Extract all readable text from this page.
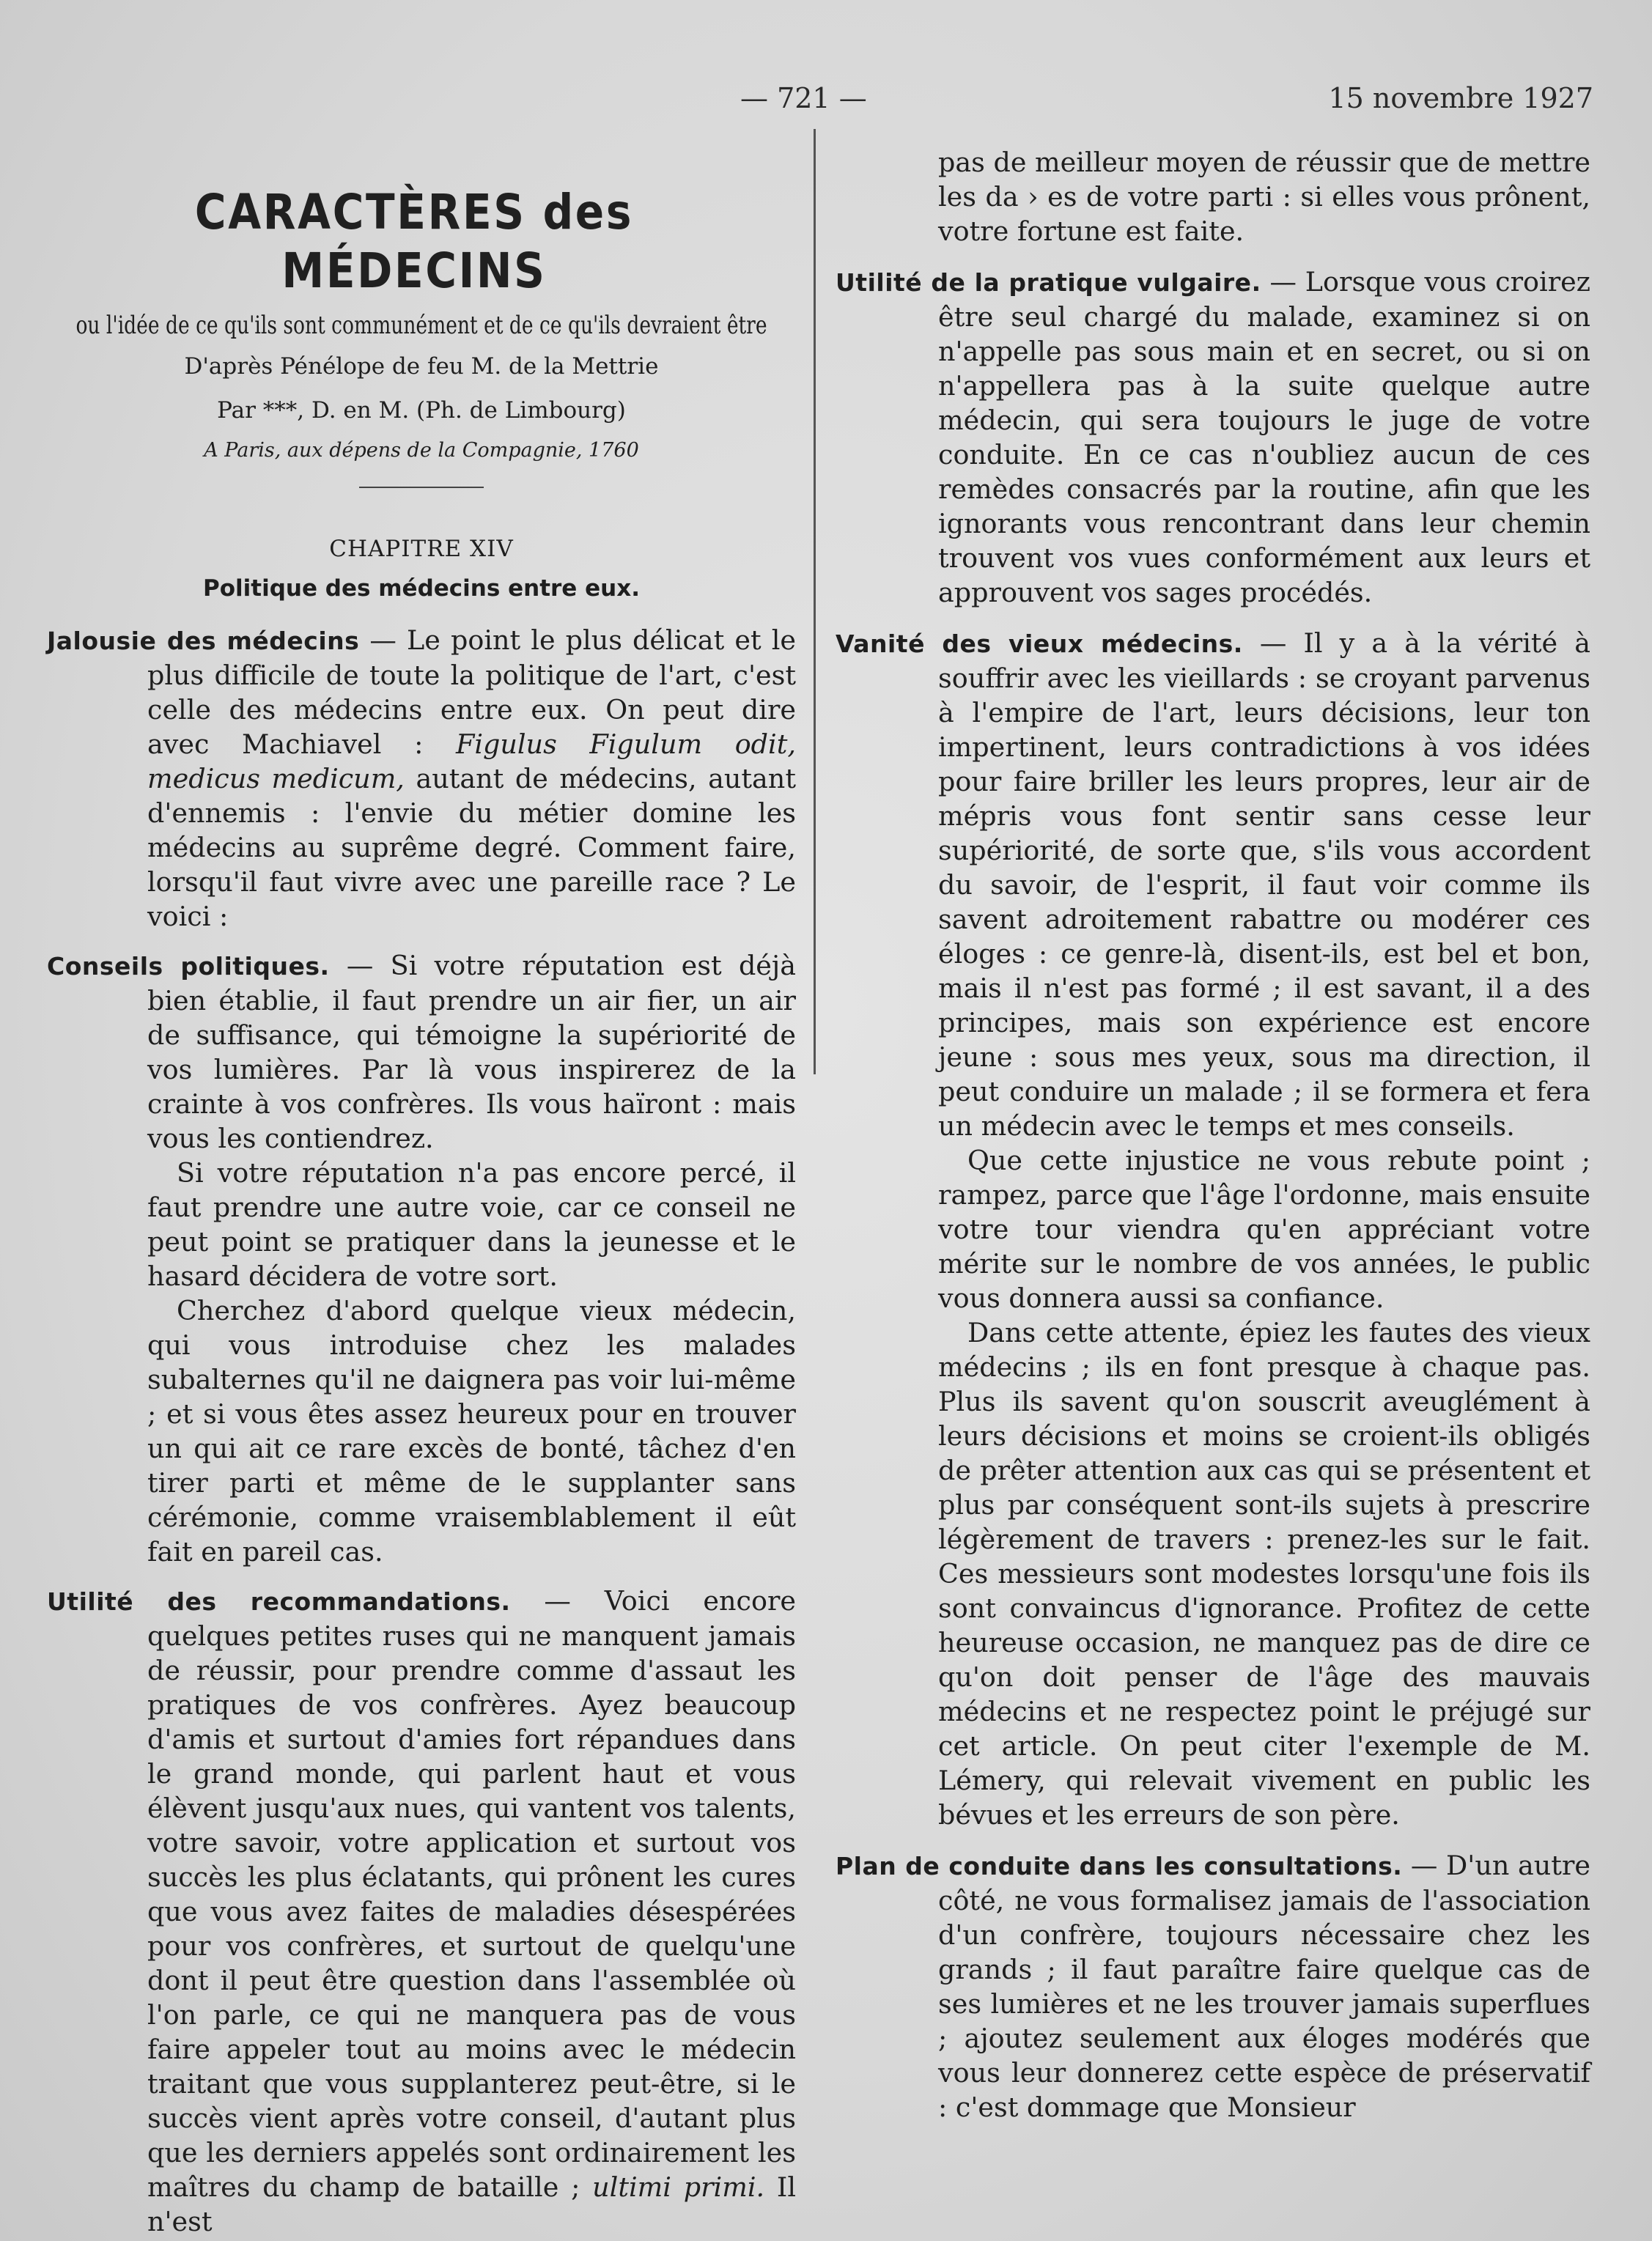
— 721 —	15 novembre 1927
CARACTÈRES des MÉDECINS
ou l'idée de ce qu'ils sont communément et de ce qu'ils devraient être
D'après Pénélope de feu M. de la Mettrie
Par ***, D. en M. (Ph. de Limbourg)
A Paris, aux dépens de la Compagnie, 1760
CHAPITRE XIV
Politique des médecins entre eux.

Jalousie des médecins — Le point le plus délicat et le plus difficile de toute la politique de l'art, c'est celle des médecins entre eux. On peut dire avec Machiavel : Figulus Figulum odit, medicus medicum, autant de médecins, autant d'ennemis : l'envie du métier domine les médecins au suprême degré. Comment faire, lorsqu'il faut vivre avec une pareille race ? Le voici :

Conseils politiques. — Si votre réputation est déjà bien établie, il faut prendre un air fier, un air de suffisance, qui témoigne la supériorité de vos lumières. Par là vous inspirerez de la crainte à vos confrères. Ils vous haïront : mais vous les contiendrez.

Si votre réputation n'a pas encore percé, il faut prendre une autre voie, car ce conseil ne peut point se pratiquer dans la jeunesse et le hasard décidera de votre sort.

Cherchez d'abord quelque vieux médecin, qui vous introduise chez les malades subalternes qu'il ne daignera pas voir lui-même ; et si vous êtes assez heureux pour en trouver un qui ait ce rare excès de bonté, tâchez d'en tirer parti et même de le supplanter sans cérémonie, comme vraisemblablement il eût fait en pareil cas.

Utilité des recommandations. — Voici encore quelques petites ruses qui ne manquent jamais de réussir, pour prendre comme d'assaut les pratiques de vos confrères. Ayez beaucoup d'amis et surtout d'amies fort répandues dans le grand monde, qui parlent haut et vous élèvent jusqu'aux nues, qui vantent vos talents, votre savoir, votre application et surtout vos succès les plus éclatants, qui prônent les cures que vous avez faites de maladies désespérées pour vos confrères, et surtout de quelqu'une dont il peut être question dans l'assemblée où l'on parle, ce qui ne manquera pas de vous faire appeler tout au moins avec le médecin traitant que vous supplanterez peut-être, si le succès vient après votre conseil, d'autant plus que les derniers appelés sont ordinairement les maîtres du champ de bataille ; ultimi primi. Il n'est

pas de meilleur moyen de réussir que de mettre les da › es de votre parti : si elles vous prônent, votre fortune est faite.

Utilité de la pratique vulgaire. — Lorsque vous croirez être seul chargé du malade, examinez si on n'appelle pas sous main et en secret, ou si on n'appellera pas à la suite quelque autre médecin, qui sera toujours le juge de votre conduite. En ce cas n'oubliez aucun de ces remèdes consacrés par la routine, afin que les ignorants vous rencontrant dans leur chemin trouvent vos vues conformément aux leurs et approuvent vos sages procédés.

Vanité des vieux médecins. — Il y a à la vérité à souffrir avec les vieillards : se croyant parvenus à l'empire de l'art, leurs décisions, leur ton impertinent, leurs contradictions à vos idées pour faire briller les leurs propres, leur air de mépris vous font sentir sans cesse leur supériorité, de sorte que, s'ils vous accordent du savoir, de l'esprit, il faut voir comme ils savent adroitement rabattre ou modérer ces éloges : ce genre-là, disent-ils, est bel et bon, mais il n'est pas formé ; il est savant, il a des principes, mais son expérience est encore jeune : sous mes yeux, sous ma direction, il peut conduire un malade ; il se formera et fera un médecin avec le temps et mes conseils.

Que cette injustice ne vous rebute point ; rampez, parce que l'âge l'ordonne, mais ensuite votre tour viendra qu'en appréciant votre mérite sur le nombre de vos années, le public vous donnera aussi sa confiance.

Dans cette attente, épiez les fautes des vieux médecins ; ils en font presque à chaque pas. Plus ils savent qu'on souscrit aveuglément à leurs décisions et moins se croient-ils obligés de prêter attention aux cas qui se présentent et plus par conséquent sont-ils sujets à prescrire légèrement de travers : prenez-les sur le fait. Ces messieurs sont modestes lorsqu'une fois ils sont convaincus d'ignorance. Profitez de cette heureuse occasion, ne manquez pas de dire ce qu'on doit penser de l'âge des mauvais médecins et ne respectez point le préjugé sur cet article. On peut citer l'exemple de M. Lémery, qui relevait vivement en public les bévues et les erreurs de son père.

Plan de conduite dans les consultations. — D'un autre côté, ne vous formalisez jamais de l'association d'un confrère, toujours nécessaire chez les grands ; il faut paraître faire quelque cas de ses lumières et ne les trouver jamais superflues ; ajoutez seulement aux éloges modérés que vous leur donnerez cette espèce de préservatif : c'est dommage que Monsieur
